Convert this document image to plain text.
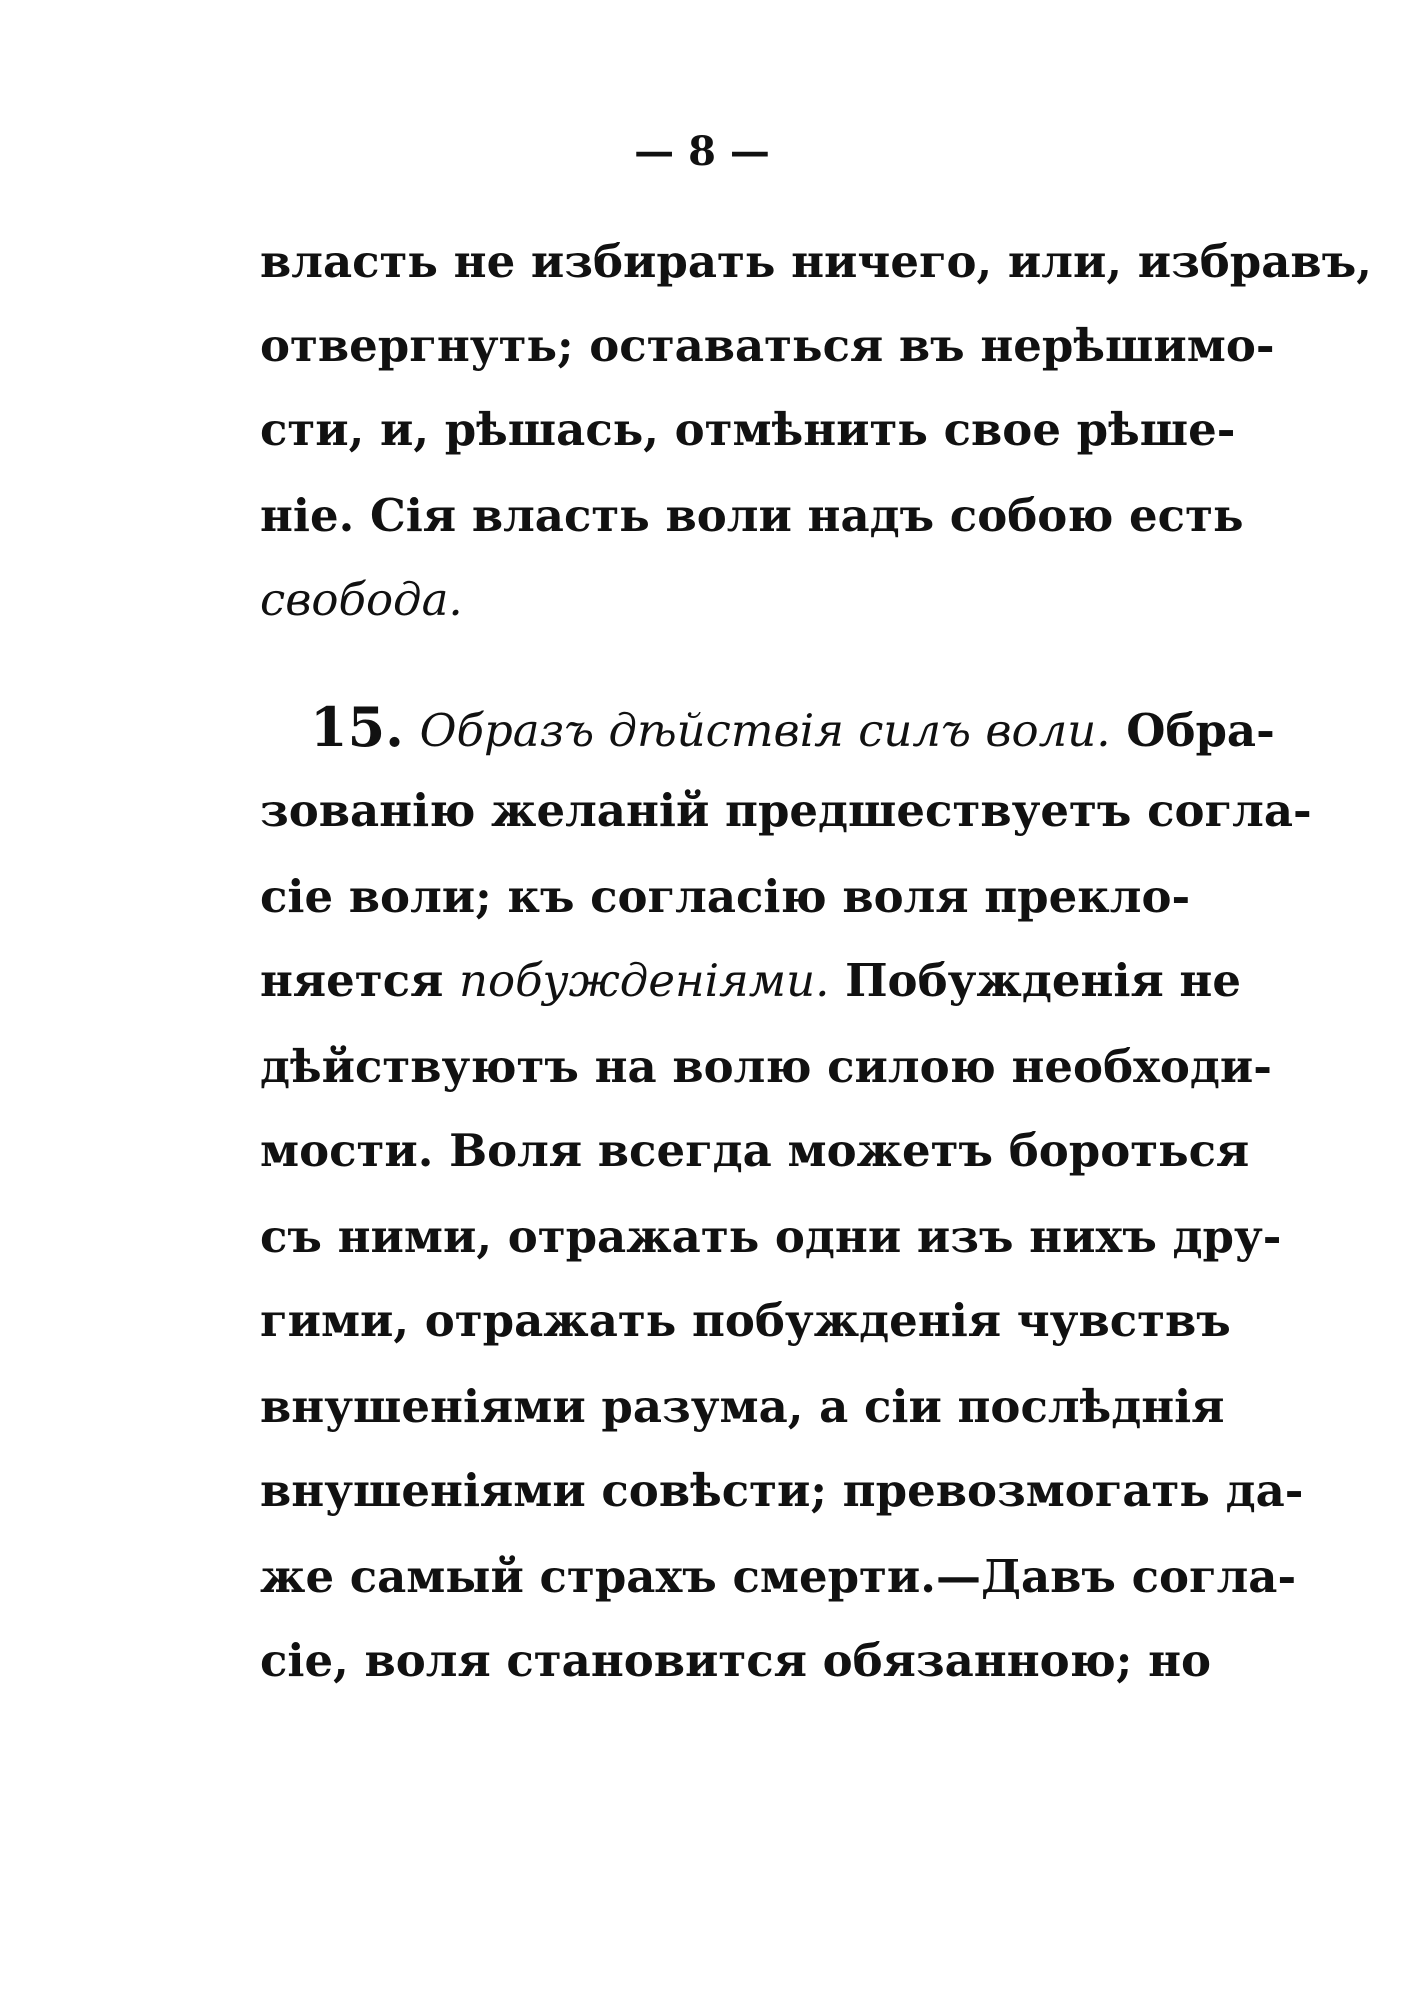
— 8 —
власть не избирать ничего, или, избравъ,
отвергнуть; оставаться въ нерѣшимо-
сти, и, рѣшась, отмѣнить свое рѣше-
нiе. Сiя власть воли надъ собою есть
свобода.
15. Образъ дѣйствiя силъ воли. Обра-
зованiю желанiй предшествуетъ согла-
сiе воли; къ согласiю воля преклo-
няется побужденiями. Побужденiя не
дѣйствуютъ на волю силою необходи-
мости. Воля всегда можетъ бороться
съ ними, отражать одни изъ нихъ дру-
гими, отражать побужденiя чувствъ
внушенiями разума, а сiи послѣднiя
внушенiями совѣсти; превозмогать да-
же самый страхъ смерти.—Давъ согла-
сiе, воля становится обязанною; но
